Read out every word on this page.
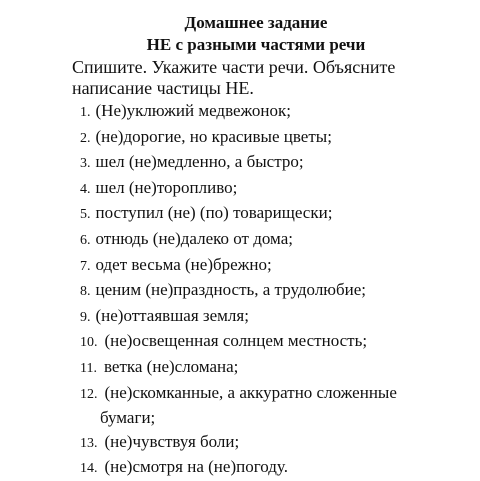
Домашнее задание
НЕ с разными частями речи
Спишите. Укажите части речи. Объясните
написание частицы НЕ.
1. (Не)уклюжий медвежонок;
2. (не)дорогие, но красивые цветы;
3. шел (не)медленно, а быстро;
4. шел (не)торопливо;
5. поступил (не) (по) товарищески;
6. отнюдь (не)далеко от дома;
7. одет весьма (не)брежно;
8. ценим (не)праздность, а трудолюбие;
9. (не)оттаявшая земля;
10. (не)освещенная солнцем местность;
11. ветка (не)сломана;
12. (не)скомканные, а аккуратно сложенные
бумаги;
13. (не)чувствуя боли;
14. (не)смотря на (не)погоду.
